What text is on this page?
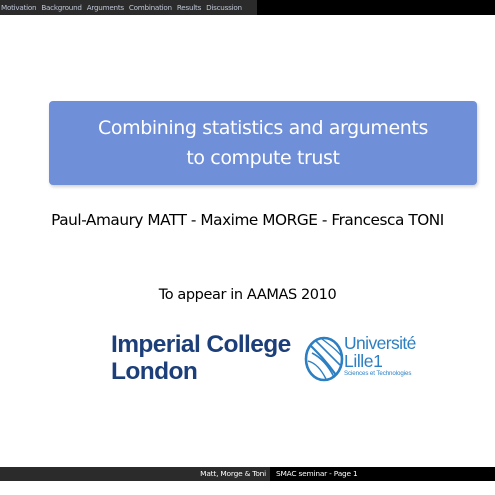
Motivation Background Arguments Combination Results Discussion
Combining statistics and arguments
to compute trust
Paul-Amaury MATT - Maxime MORGE - Francesca TONI
To appear in AAMAS 2010
Imperial College
London
Université
Lille1
Sciences et Technologies
Matt, Morge & Toni SMAC seminar - Page 1
